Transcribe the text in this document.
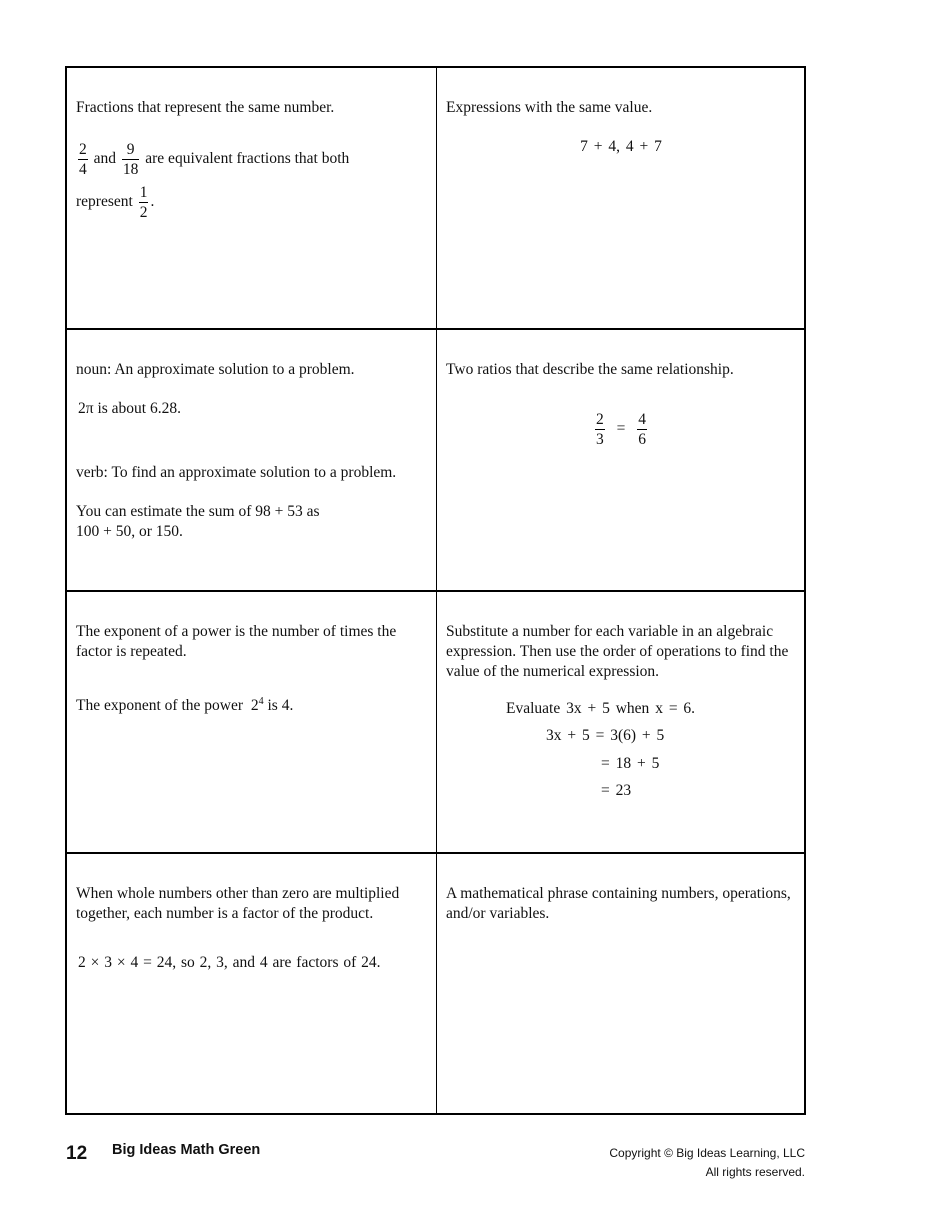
Fractions that represent the same number.

$\frac{2}{4}$ and $\frac{9}{18}$ are equivalent fractions that both

represent $\frac{1}{2}$ .

Expressions with the same value.

7 + 4, 4 + 7

noun: An approximate solution to a problem.

2π is about 6.28.

verb: To find an approximate solution to a problem.

You can estimate the sum of 98 + 53 as

100 + 50, or 150.

Two ratios that describe the same relationship.

$\frac{2}{3} = \frac{4}{6}$

The exponent of a power is the number of times the factor is repeated.

The exponent of the power $2^4$ is 4.

Substitute a number for each variable in an algebraic expression. Then use the order of operations to find the value of the numerical expression.

Evaluate 3x + 5 when x = 6.

3x + 5 = 3(6) + 5

= 18 + 5

= 23

When whole numbers other than zero are multiplied together, each number is a factor of the product.

2 × 3 × 4 = 24, so 2, 3, and 4 are factors of 24.

A mathematical phrase containing numbers, operations, and/or variables.

12 Big Ideas Math Green	Copyright © Big Ideas Learning, LLC
All rights reserved.
